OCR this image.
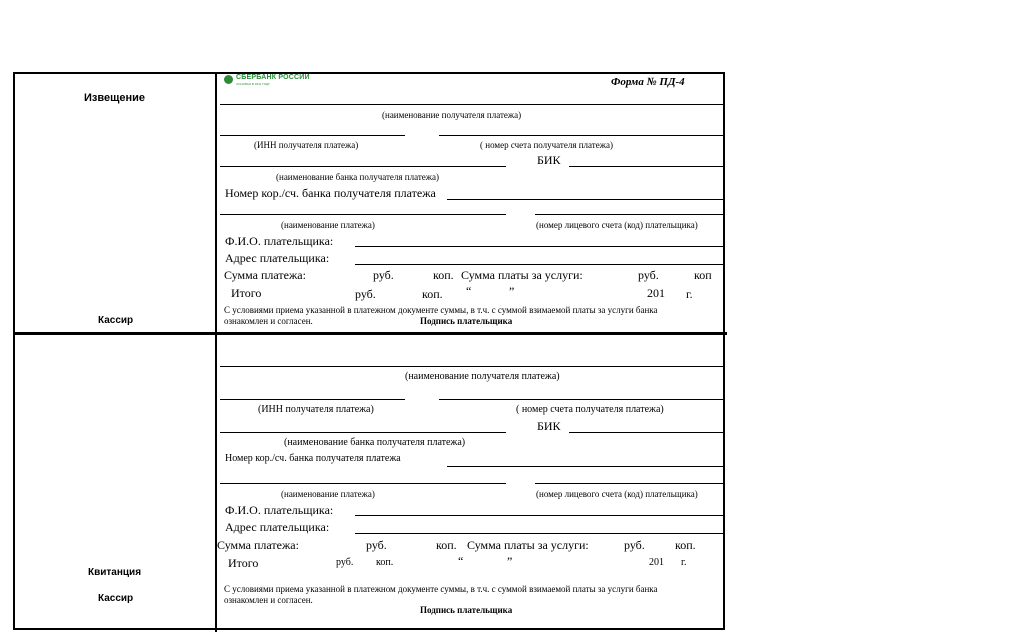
Извещение
Кассир
Квитанция
Кассир
СБЕРБАНК РОССИИ
ОСНОВАН В 1841 ГОДУ	Форма № ПД-4
(наименование получателя платежа)
(ИНН получателя платежа)	( номер счета получателя платежа)
БИК
(наименование банка получателя платежа)
Номер кор./сч. банка получателя платежа
(наименование платежа)	(номер лицевого счета (код) плательщика)
Ф.И.О. плательщика:
Адрес плательщика:
Сумма платежа:	руб.	коп. Сумма платы за услуги:	руб.	коп
Итого	руб.	коп. “	”	201 г.
С условиями приема указанной в платежном документе суммы, в т.ч. с суммой взимаемой платы за услуги банка
ознакомлен и согласен.	Подпись плательщика
(наименование получателя платежа)
(ИНН получателя платежа)	( номер счета получателя платежа)
БИК
(наименование банка получателя платежа)
Номер кор./сч. банка получателя платежа
(наименование платежа)	(номер лицевого счета (код) плательщика)
Ф.И.О. плательщика:
Адрес плательщика:
Сумма платежа:	руб.	коп. Сумма платы за услуги:	руб.	коп.
Итого	руб. коп.	“	”	201 г.
С условиями приема указанной в платежном документе суммы, в т.ч. с суммой взимаемой платы за услуги банка
ознакомлен и согласен.
Подпись плательщика
